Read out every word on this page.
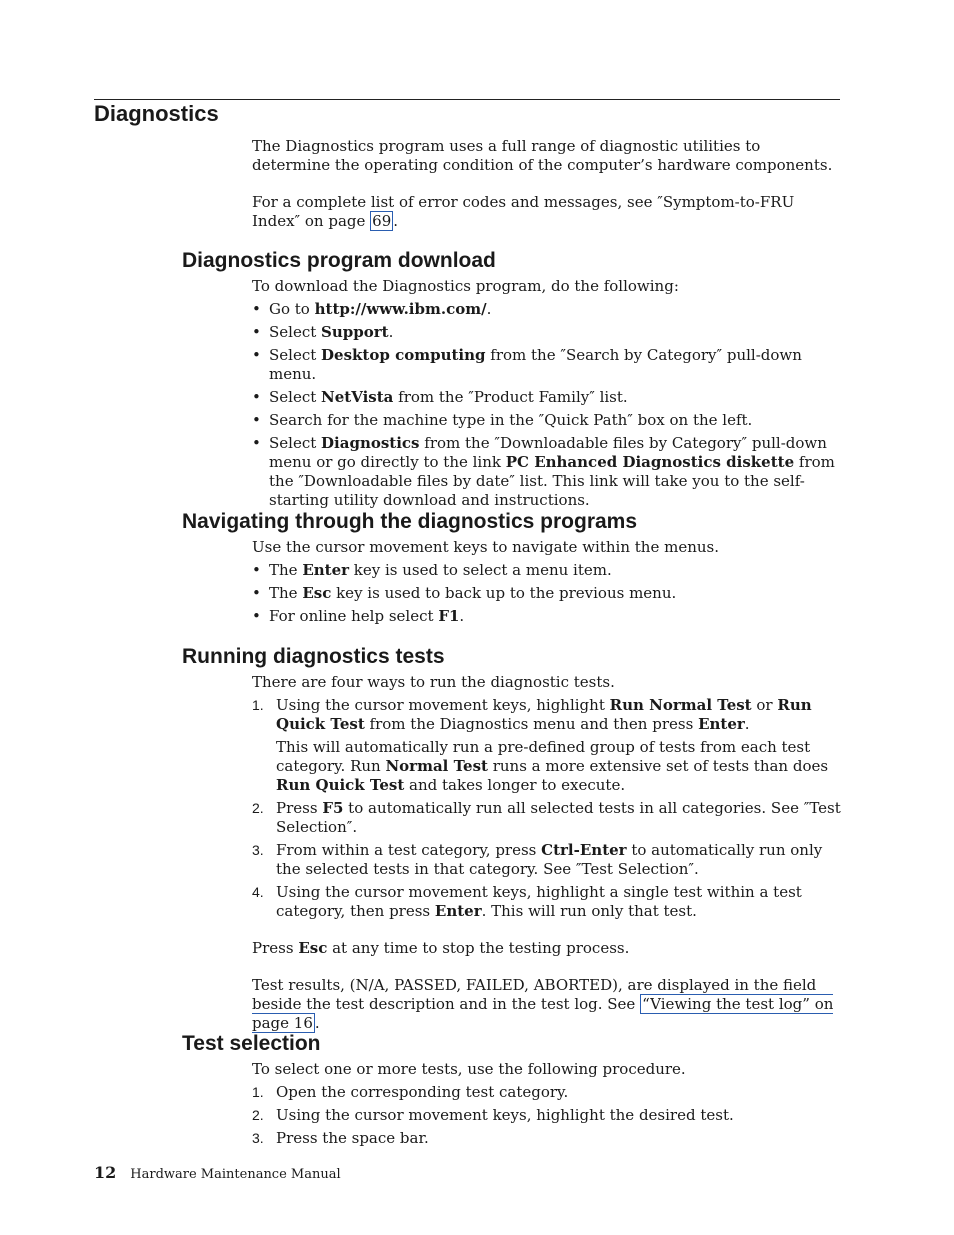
Diagnostics

The Diagnostics program uses a full range of diagnostic utilities to determine the operating condition of the computer’s hardware components.

For a complete list of error codes and messages, see ″Symptom-to-FRU Index″ on page 69 .

Diagnostics program download

To download the Diagnostics program, do the following:

• Go to http://www.ibm.com/.
• Select Support.
• Select Desktop computing from the ″Search by Category″ pull-down menu.
• Select NetVista from the ″Product Family″ list.
• Search for the machine type in the ″Quick Path″ box on the left.
• Select Diagnostics from the ″Downloadable files by Category″ pull-down menu or go directly to the link PC Enhanced Diagnostics diskette from the ″Downloadable files by date″ list. This link will take you to the self-starting utility download and instructions.
Navigating through the diagnostics programs

Use the cursor movement keys to navigate within the menus.

• The Enter key is used to select a menu item.
• The Esc key is used to back up to the previous menu.
• For online help select F1.
Running diagnostics tests

There are four ways to run the diagnostic tests.

1. Using the cursor movement keys, highlight Run Normal Test or Run Quick Test from the Diagnostics menu and then press Enter.
This will automatically run a pre-defined group of tests from each test category. Run Normal Test runs a more extensive set of tests than does Run Quick Test and takes longer to execute.
2. Press F5 to automatically run all selected tests in all categories. See ″Test Selection″.
3. From within a test category, press Ctrl-Enter to automatically run only the selected tests in that category. See ″Test Selection″.
4. Using the cursor movement keys, highlight a single test within a test category, then press Enter. This will run only that test.

Press Esc at any time to stop the testing process.

Test results, (N/A, PASSED, FAILED, ABORTED), are displayed in the field beside the test description and in the test log. See “Viewing the test log” on page 16 .

Test selection

To select one or more tests, use the following procedure.

1. Open the corresponding test category.
2. Using the cursor movement keys, highlight the desired test.
3. Press the space bar.
12 Hardware Maintenance Manual
